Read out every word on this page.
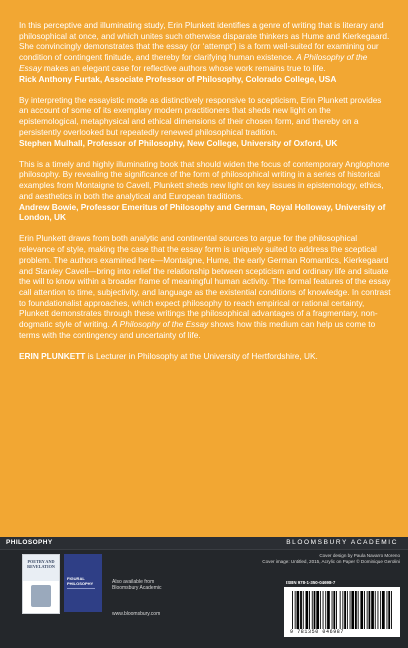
In this perceptive and illuminating study, Erin Plunkett identifies a genre of writing that is literary and philosophical at once, and which unites such otherwise disparate thinkers as Hume and Kierkegaard. She convincingly demonstrates that the essay (or ‘attempt’) is a form well-suited for examining our condition of contingent finitude, and thereby for clarifying human existence. A Philosophy of the Essay makes an elegant case for reflective authors whose work remains true to life.

Rick Anthony Furtak, Associate Professor of Philosophy, Colorado College, USA

By interpreting the essayistic mode as distinctively responsive to scepticism, Erin Plunkett provides an account of some of its exemplary modern practitioners that sheds new light on the epistemological, metaphysical and ethical dimensions of their chosen form, and thereby on a persistently overlooked but repeatedly renewed philosophical tradition.

Stephen Mulhall, Professor of Philosophy, New College, University of Oxford, UK

This is a timely and highly illuminating book that should widen the focus of contemporary Anglophone philosophy. By revealing the significance of the form of philosophical writing in a series of historical examples from Montaigne to Cavell, Plunkett sheds new light on key issues in epistemology, ethics, and aesthetics in both the analytical and European traditions.

Andrew Bowie, Professor Emeritus of Philosophy and German, Royal Holloway, University of London, UK

Erin Plunkett draws from both analytic and continental sources to argue for the philosophical relevance of style, making the case that the essay form is uniquely suited to address the sceptical problem. The authors examined here—Montaigne, Hume, the early German Romantics, Kierkegaard and Stanley Cavell—bring into relief the relationship between scepticism and ordinary life and situate the will to know within a broader frame of meaningful human activity. The formal features of the essay call attention to time, subjectivity, and language as the existential conditions of knowledge. In contrast to foundationalist approaches, which expect philosophy to reach empirical or rational certainty, Plunkett demonstrates through these writings the philosophical advantages of a fragmentary, non-dogmatic style of writing. A Philosophy of the Essay shows how this medium can help us come to terms with the contingency and uncertainty of life.

ERIN PLUNKETT is Lecturer in Philosophy at the University of Hertfordshire, UK.

PHILOSOPHY	BLOOMSBURY ACADEMIC
POETRY AND REVELATION
FIGURAL PHILOSOPHY	Also available from
Bloomsbury Academic
www.bloomsbury.com
Cover design by Paula Navarro Moreno
Cover image: Untitled, 2015, Acrylic on Paper © Dominique Gerolini
ISBN 978-1-350-04698-7
9 781350 046987
